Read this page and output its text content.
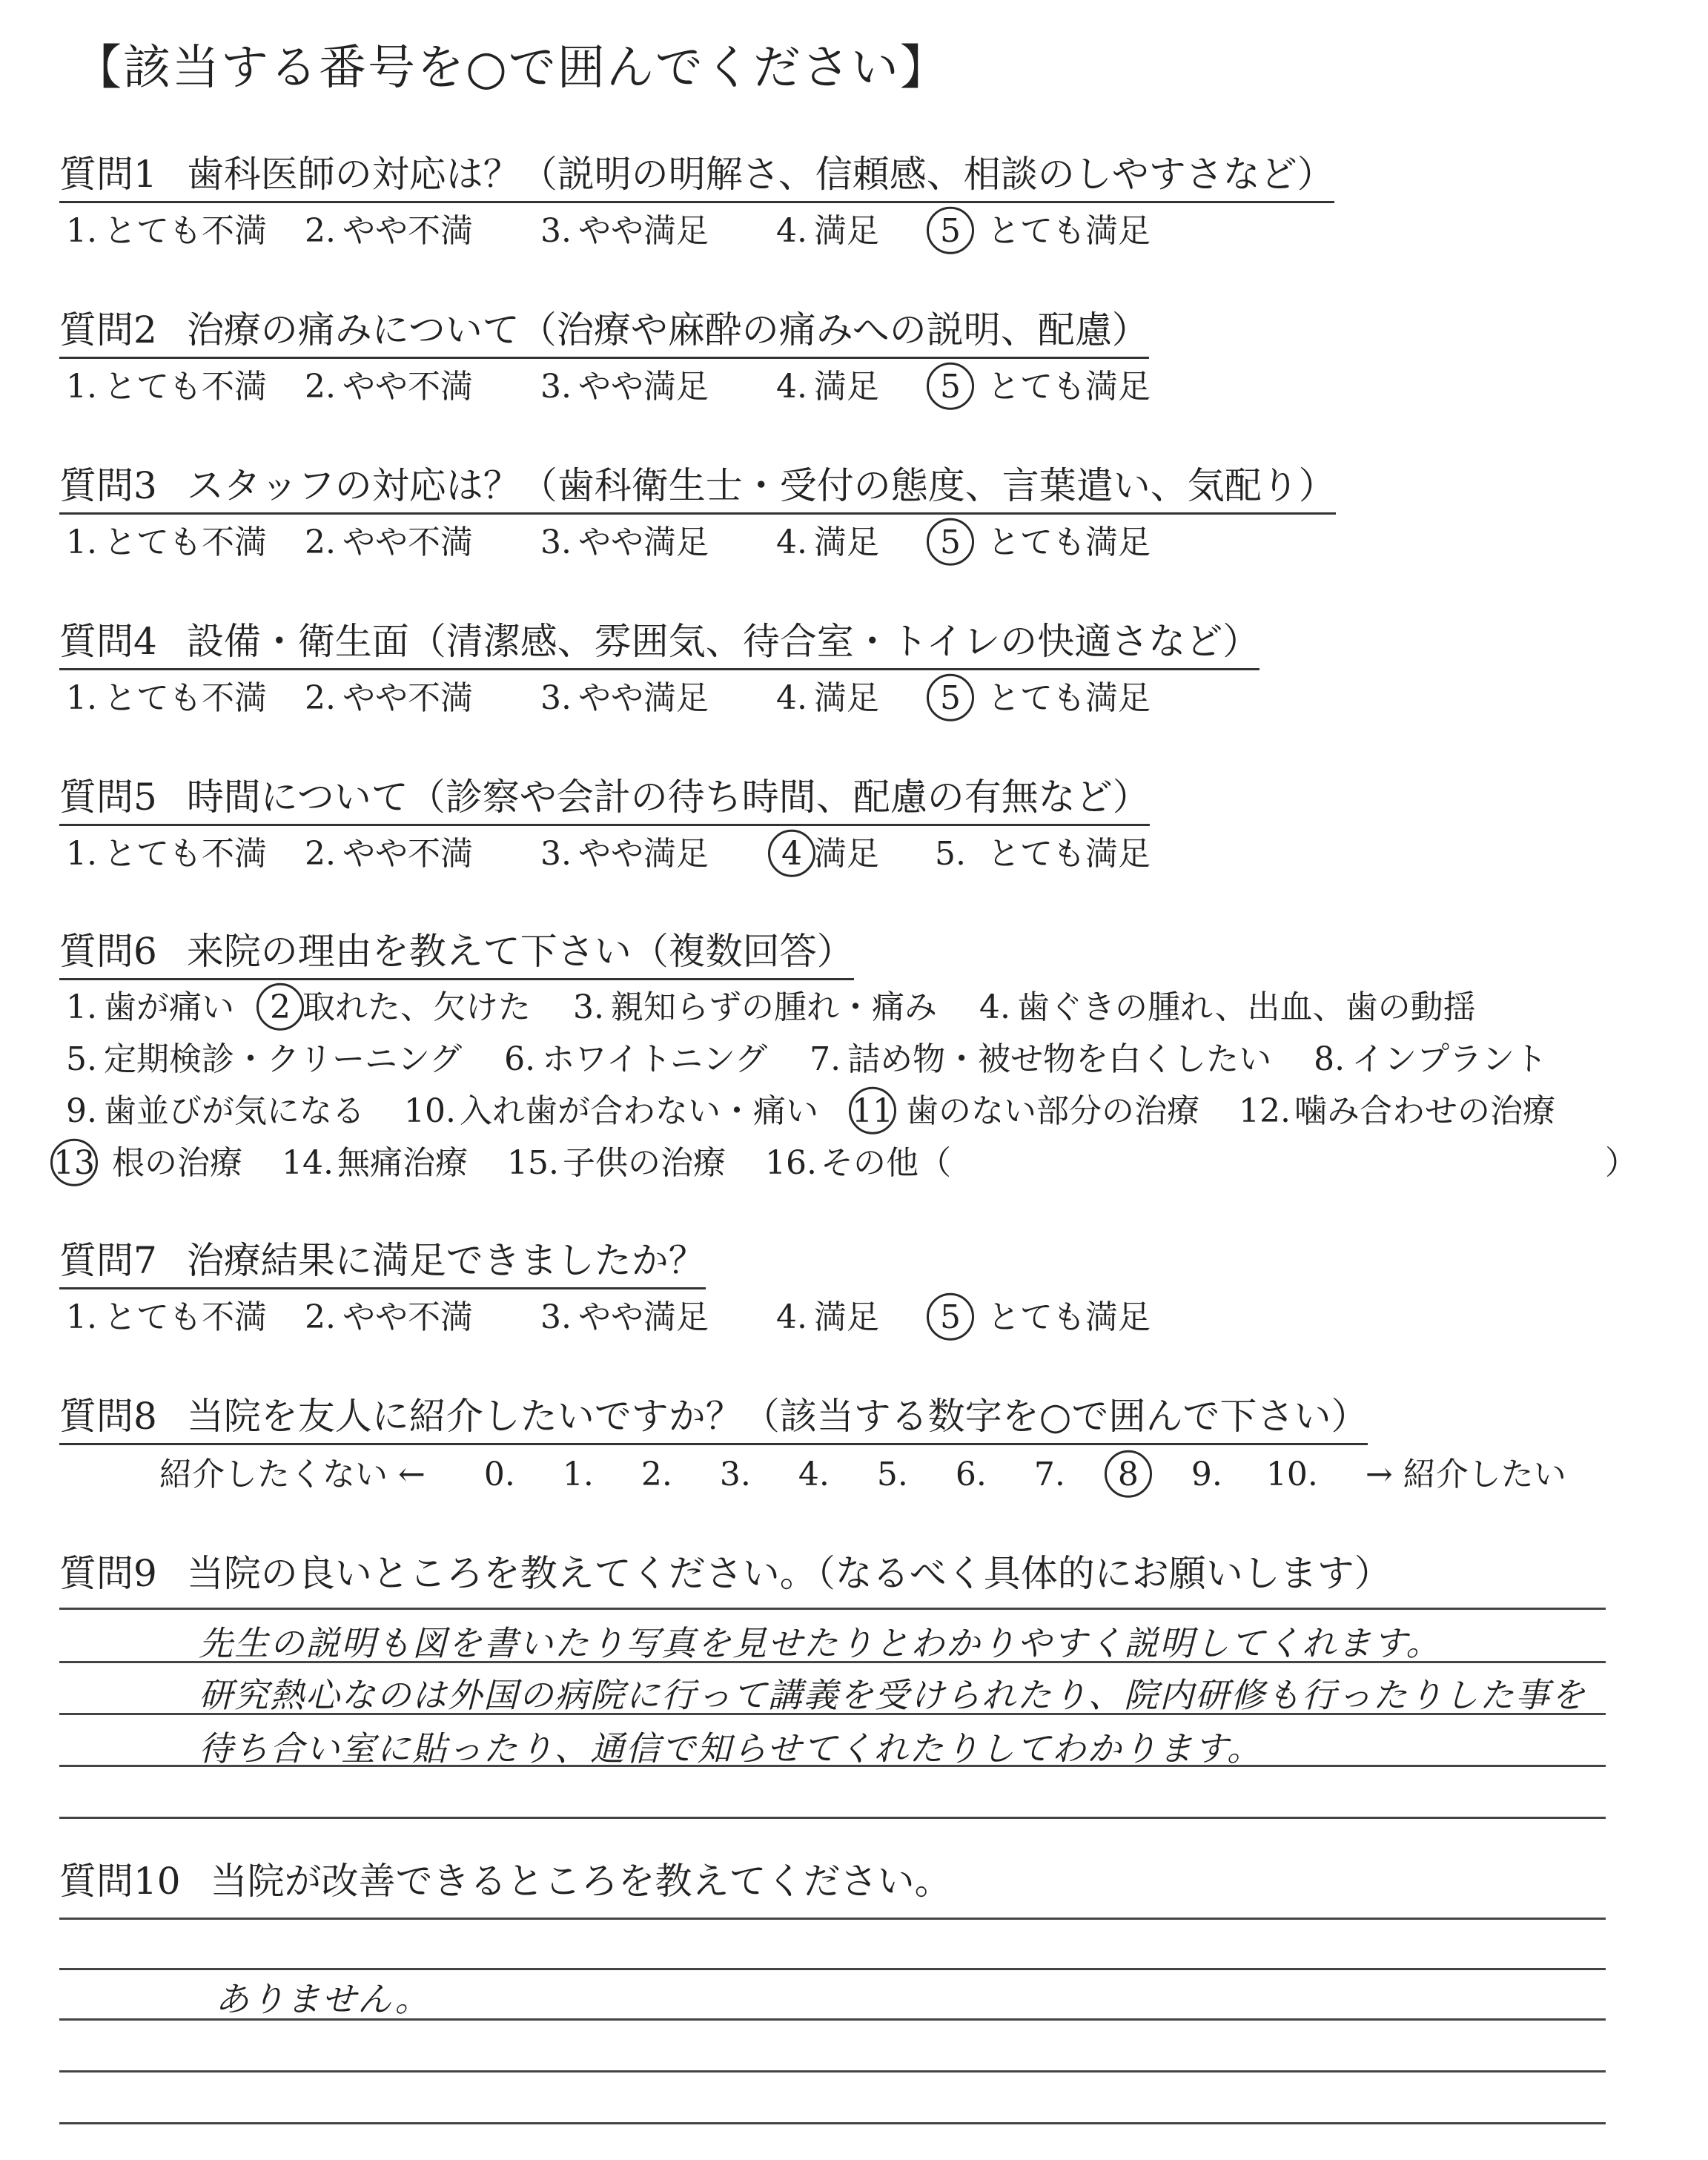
【該当する番号を○で囲んでください】
質問1 歯科医師の対応は？（説明の明解さ、信頼感、相談のしやすさなど）
1. とても不満 2. やや不満 3. やや満足 4. 満足 5 とても満足
質問2 治療の痛みについて（治療や麻酔の痛みへの説明、配慮）
1. とても不満 2. やや不満 3. やや満足 4. 満足 5 とても満足
質問3 スタッフの対応は？（歯科衛生士・受付の態度、言葉遣い、気配り）
1. とても不満 2. やや不満 3. やや満足 4. 満足 5 とても満足
質問4 設備・衛生面（清潔感、雰囲気、待合室・トイレの快適さなど）
1. とても不満 2. やや不満 3. やや満足 4. 満足 5 とても満足
質問5 時間について（診察や会計の待ち時間、配慮の有無など）
1. とても不満 2. やや不満 3. やや満足 4 満足 5. とても満足
質問6 来院の理由を教えて下さい（複数回答）
1. 歯が痛い 2 取れた、欠けた 3. 親知らずの腫れ・痛み 4. 歯ぐきの腫れ、出血、歯の動揺
5. 定期検診・クリーニング 6. ホワイトニング 7. 詰め物・被せ物を白くしたい 8. インプラント
9. 歯並びが気になる 10. 入れ歯が合わない・痛い 11 歯のない部分の治療 12. 噛み合わせの治療
13 根の治療 14. 無痛治療 15. 子供の治療 16. その他（	）
質問7 治療結果に満足できましたか？
1. とても不満 2. やや不満 3. やや満足 4. 満足 5 とても満足
質問8 当院を友人に紹介したいですか？（該当する数字を○で囲んで下さい）
紹介したくない ← 0. 1. 2. 3. 4. 5. 6. 7. 8 9. 10. → 紹介したい
質問9 当院の良いところを教えてください。（なるべく具体的にお願いします）
先生の説明も図を書いたり写真を見せたりとわかりやすく説明してくれます。
研究熱心なのは外国の病院に行って講義を受けられたり、院内研修も行ったりした事を
待ち合い室に貼ったり、通信で知らせてくれたりしてわかります。
質問10 当院が改善できるところを教えてください。
ありません。
